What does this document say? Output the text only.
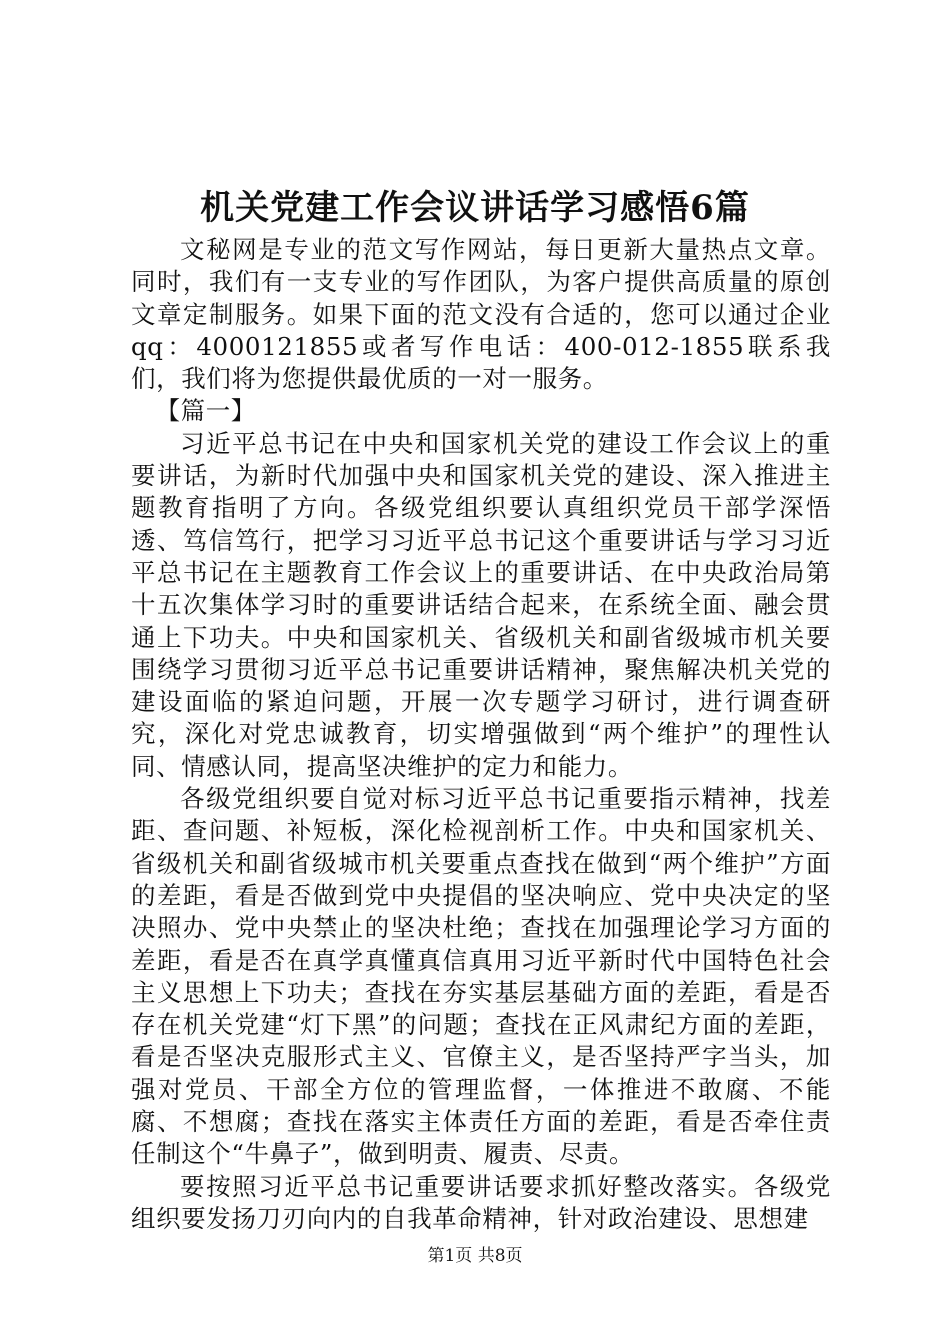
机关党建工作会议讲话学习感悟6篇

文秘网是专业的范文写作网站，每日更新大量热点文章。同时，我们有一支专业的写作团队，为客户提供高质量的原创文章定制服务。如果下面的范文没有合适的，您可以通过企业qq：4000121855或者写作电话：400-012-1855联系我们，我们将为您提供最优质的一对一服务。

【篇一】

习近平总书记在中央和国家机关党的建设工作会议上的重要讲话，为新时代加强中央和国家机关党的建设、深入推进主题教育指明了方向。各级党组织要认真组织党员干部学深悟透、笃信笃行，把学习习近平总书记这个重要讲话与学习习近平总书记在主题教育工作会议上的重要讲话、在中央政治局第十五次集体学习时的重要讲话结合起来，在系统全面、融会贯通上下功夫。中央和国家机关、省级机关和副省级城市机关要围绕学习贯彻习近平总书记重要讲话精神，聚焦解决机关党的建设面临的紧迫问题，开展一次专题学习研讨，进行调查研究，深化对党忠诚教育，切实增强做到“两个维护”的理性认同、情感认同，提高坚决维护的定力和能力。

各级党组织要自觉对标习近平总书记重要指示精神，找差距、查问题、补短板，深化检视剖析工作。中央和国家机关、省级机关和副省级城市机关要重点查找在做到“两个维护”方面的差距，看是否做到党中央提倡的坚决响应、党中央决定的坚决照办、党中央禁止的坚决杜绝；查找在加强理论学习方面的差距，看是否在真学真懂真信真用习近平新时代中国特色社会主义思想上下功夫；查找在夯实基层基础方面的差距，看是否存在机关党建“灯下黑”的问题；查找在正风肃纪方面的差距，看是否坚决克服形式主义、官僚主义，是否坚持严字当头，加强对党员、干部全方位的管理监督，一体推进不敢腐、不能腐、不想腐；查找在落实主体责任方面的差距，看是否牵住责任制这个“牛鼻子”，做到明责、履责、尽责。

要按照习近平总书记重要讲话要求抓好整改落实。各级党组织要发扬刀刃向内的自我革命精神，针对政治建设、思想建

第1页 共8页
